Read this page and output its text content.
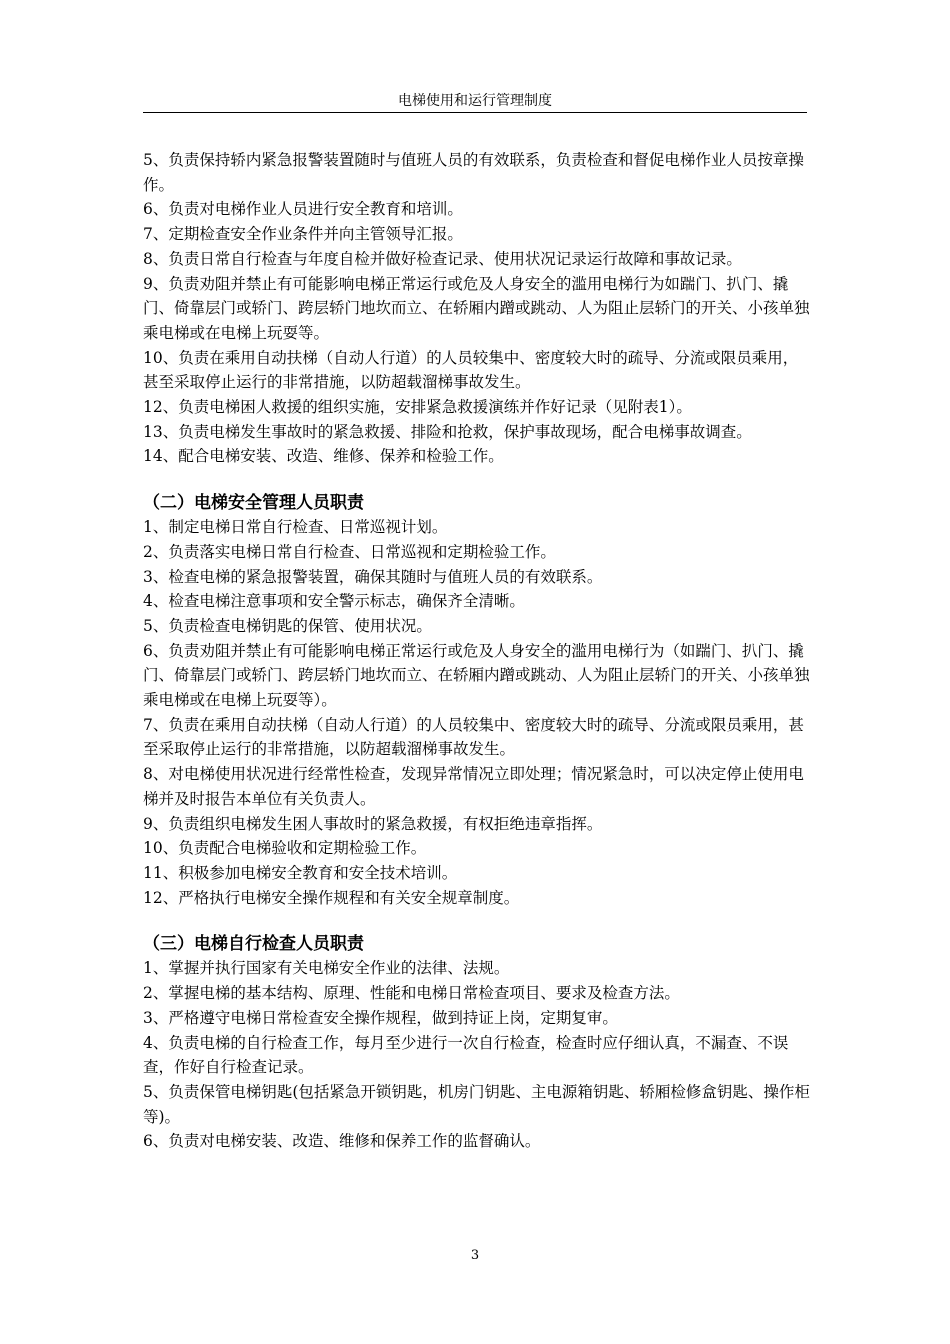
电梯使用和运行管理制度

5、负责保持轿内紧急报警装置随时与值班人员的有效联系，负责检查和督促电梯作业人员按章操作。

6、负责对电梯作业人员进行安全教育和培训。

7、定期检查安全作业条件并向主管领导汇报。

8、负责日常自行检查与年度自检并做好检查记录、使用状况记录运行故障和事故记录。

9、负责劝阻并禁止有可能影响电梯正常运行或危及人身安全的滥用电梯行为如踹门、扒门、撬门、倚靠层门或轿门、跨层轿门地坎而立、在轿厢内蹭或跳动、人为阻止层轿门的开关、小孩单独乘电梯或在电梯上玩耍等。

10、负责在乘用自动扶梯（自动人行道）的人员较集中、密度较大时的疏导、分流或限员乘用，甚至采取停止运行的非常措施，以防超载溜梯事故发生。

12、负责电梯困人救援的组织实施，安排紧急救援演练并作好记录（见附表1）。

13、负责电梯发生事故时的紧急救援、排险和抢救，保护事故现场，配合电梯事故调查。

14、配合电梯安装、改造、维修、保养和检验工作。

（二）电梯安全管理人员职责

1、制定电梯日常自行检查、日常巡视计划。

2、负责落实电梯日常自行检查、日常巡视和定期检验工作。

3、检查电梯的紧急报警装置，确保其随时与值班人员的有效联系。

4、检查电梯注意事项和安全警示标志，确保齐全清晰。

5、负责检查电梯钥匙的保管、使用状况。

6、负责劝阻并禁止有可能影响电梯正常运行或危及人身安全的滥用电梯行为（如踹门、扒门、撬门、倚靠层门或轿门、跨层轿门地坎而立、在轿厢内蹭或跳动、人为阻止层轿门的开关、小孩单独乘电梯或在电梯上玩耍等）。

7、负责在乘用自动扶梯（自动人行道）的人员较集中、密度较大时的疏导、分流或限员乘用，甚至采取停止运行的非常措施，以防超载溜梯事故发生。

8、对电梯使用状况进行经常性检查，发现异常情况立即处理；情况紧急时，可以决定停止使用电梯并及时报告本单位有关负责人。

9、负责组织电梯发生困人事故时的紧急救援，有权拒绝违章指挥。

10、负责配合电梯验收和定期检验工作。

11、积极参加电梯安全教育和安全技术培训。

12、严格执行电梯安全操作规程和有关安全规章制度。

（三）电梯自行检查人员职责

1、掌握并执行国家有关电梯安全作业的法律、法规。

2、掌握电梯的基本结构、原理、性能和电梯日常检查项目、要求及检查方法。

3、严格遵守电梯日常检查安全操作规程，做到持证上岗，定期复审。

4、负责电梯的自行检查工作，每月至少进行一次自行检查，检查时应仔细认真，不漏查、不误查，作好自行检查记录。

5、负责保管电梯钥匙(包括紧急开锁钥匙，机房门钥匙、主电源箱钥匙、轿厢检修盒钥匙、操作柜等)。

6、负责对电梯安装、改造、维修和保养工作的监督确认。

3
